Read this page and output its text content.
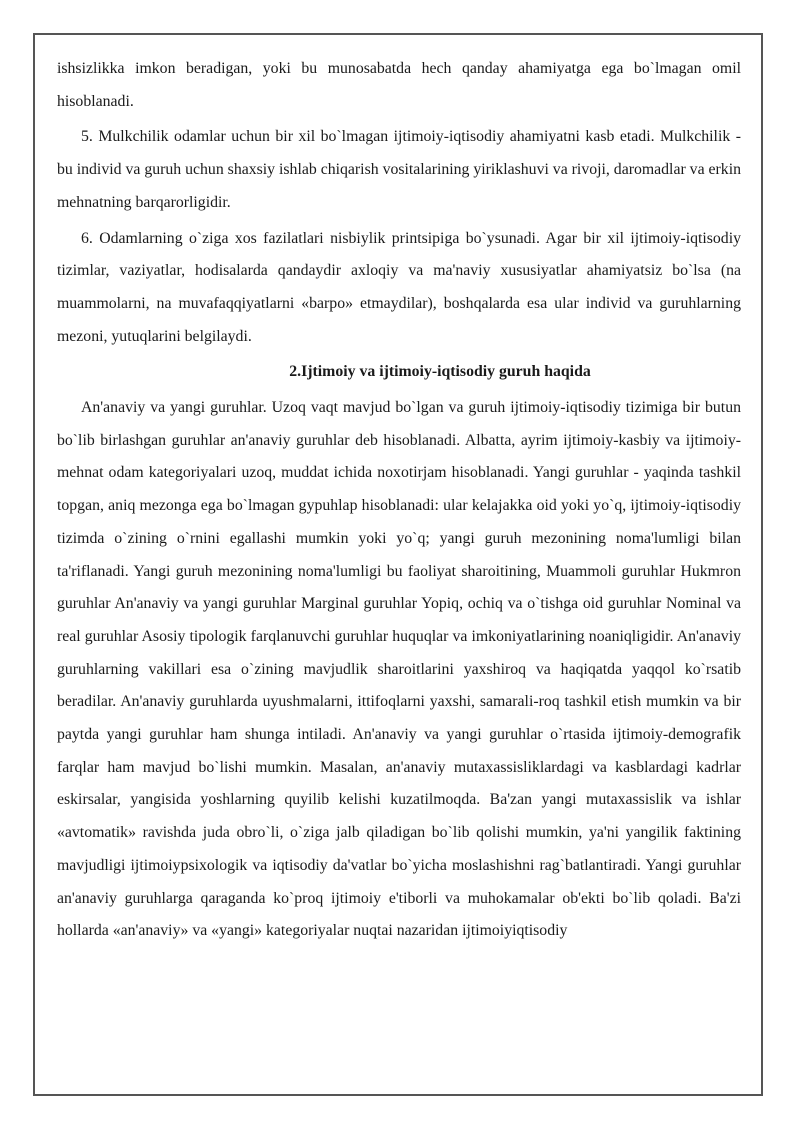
ishsizlikka imkon beradigan, yoki bu munosabatda hech qanday ahamiyatga ega bo`lmagan omil hisoblanadi.

5. Mulkchilik odamlar uchun bir xil bo`lmagan ijtimoiy-iqtisodiy ahamiyatni kasb etadi. Mulkchilik - bu individ va guruh uchun shaxsiy ishlab chiqarish vositalarining yiriklashuvi va rivoji, daromadlar va erkin mehnatning barqarorligidir.

6. Odamlarning o`ziga xos fazilatlari nisbiylik printsipiga bo`ysunadi. Agar bir xil ijtimoiy-iqtisodiy tizimlar, vaziyatlar, hodisalarda qandaydir axloqiy va ma'naviy xususiyatlar ahamiyatsiz bo`lsa (na muammolarni, na muvafaqqiyatlarni «barpo» etmaydilar), boshqalarda esa ular individ va guruhlarning mezoni, yutuqlarini belgilaydi.

2.Ijtimoiy va ijtimoiy-iqtisodiy guruh haqida

An'anaviy va yangi guruhlar. Uzoq vaqt mavjud bo`lgan va guruh ijtimoiy-iqtisodiy tizimiga bir butun bo`lib birlashgan guruhlar an'anaviy guruhlar deb hisoblanadi. Albatta, ayrim ijtimoiy-kasbiy va ijtimoiy-mehnat odam kategoriyalari uzoq, muddat ichida noxotirjam hisoblanadi. Yangi guruhlar - yaqinda tashkil topgan, aniq mezonga ega bo`lmagan gypuhlap hisoblanadi: ular kelajakka oid yoki yo`q, ijtimoiy-iqtisodiy tizimda o`zining o`rnini egallashi mumkin yoki yo`q; yangi guruh mezonining noma'lumligi bilan ta'riflanadi. Yangi guruh mezonining noma'lumligi bu faoliyat sharoitining, Muammoli guruhlar Hukmron guruhlar An'anaviy va yangi guruhlar Marginal guruhlar Yopiq, ochiq va o`tishga oid guruhlar Nominal va real guruhlar Asosiy tipologik farqlanuvchi guruhlar huquqlar va imkoniyatlarining noaniqligidir. An'anaviy guruhlarning vakillari esa o`zining mavjudlik sharoitlarini yaxshiroq va haqiqatda yaqqol ko`rsatib beradilar. An'anaviy guruhlarda uyushmalarni, ittifoqlarni yaxshi, samarali-roq tashkil etish mumkin va bir paytda yangi guruhlar ham shunga intiladi. An'anaviy va yangi guruhlar o`rtasida ijtimoiy-demografik farqlar ham mavjud bo`lishi mumkin. Masalan, an'anaviy mutaxassisliklardagi va kasblardagi kadrlar eskirsalar, yangisida yoshlarning quyilib kelishi kuzatilmoqda. Ba'zan yangi mutaxassislik va ishlar «avtomatik» ravishda juda obro`li, o`ziga jalb qiladigan bo`lib qolishi mumkin, ya'ni yangilik faktining mavjudligi ijtimoiypsixologik va iqtisodiy da'vatlar bo`yicha moslashishni rag`batlantiradi. Yangi guruhlar an'anaviy guruhlarga qaraganda ko`proq ijtimoiy e'tiborli va muhokamalar ob'ekti bo`lib qoladi. Ba'zi hollarda «an'anaviy» va «yangi» kategoriyalar nuqtai nazaridan ijtimoiyiqtisodiy
